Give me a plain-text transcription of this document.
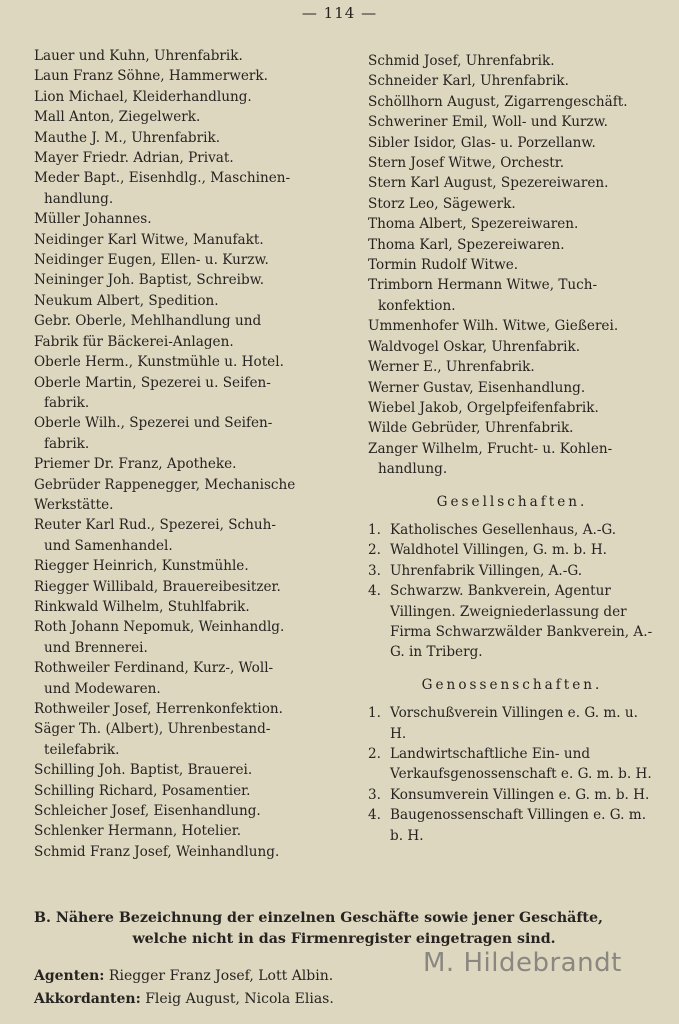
— 114 —
Lauer und Kuhn, Uhrenfabrik.
Laun Franz Söhne, Hammerwerk.
Lion Michael, Kleiderhandlung.
Mall Anton, Ziegelwerk.
Mauthe J. M., Uhrenfabrik.
Mayer Friedr. Adrian, Privat.
Meder Bapt., Eisenhdlg., Maschinen-
handlung.
Müller Johannes.
Neidinger Karl Witwe, Manufakt.
Neidinger Eugen, Ellen- u. Kurzw.
Neininger Joh. Baptist, Schreibw.
Neukum Albert, Spedition.
Gebr. Oberle, Mehlhandlung und
Fabrik für Bäckerei-Anlagen.
Oberle Herm., Kunstmühle u. Hotel.
Oberle Martin, Spezerei u. Seifen-
fabrik.
Oberle Wilh., Spezerei und Seifen-
fabrik.
Priemer Dr. Franz, Apotheke.
Gebrüder Rappenegger, Mechanische
Werkstätte.
Reuter Karl Rud., Spezerei, Schuh-
und Samenhandel.
Riegger Heinrich, Kunstmühle.
Riegger Willibald, Brauereibesitzer.
Rinkwald Wilhelm, Stuhlfabrik.
Roth Johann Nepomuk, Weinhandlg.
und Brennerei.
Rothweiler Ferdinand, Kurz-, Woll-
und Modewaren.
Rothweiler Josef, Herrenkonfektion.
Säger Th. (Albert), Uhrenbestand-
teilefabrik.
Schilling Joh. Baptist, Brauerei.
Schilling Richard, Posamentier.
Schleicher Josef, Eisenhandlung.
Schlenker Hermann, Hotelier.
Schmid Franz Josef, Weinhandlung.
Schmid Josef, Uhrenfabrik.
Schneider Karl, Uhrenfabrik.
Schöllhorn August, Zigarrengeschäft.
Schweriner Emil, Woll- und Kurzw.
Sibler Isidor, Glas- u. Porzellanw.
Stern Josef Witwe, Orchestr.
Stern Karl August, Spezereiwaren.
Storz Leo, Sägewerk.
Thoma Albert, Spezereiwaren.
Thoma Karl, Spezereiwaren.
Tormin Rudolf Witwe.
Trimborn Hermann Witwe, Tuch-
konfektion.
Ummenhofer Wilh. Witwe, Gießerei.
Waldvogel Oskar, Uhrenfabrik.
Werner E., Uhrenfabrik.
Werner Gustav, Eisenhandlung.
Wiebel Jakob, Orgelpfeifenfabrik.
Wilde Gebrüder, Uhrenfabrik.
Zanger Wilhelm, Frucht- u. Kohlen-
handlung.
Gesellschaften.
1. Katholisches Gesellenhaus, A.-G.
2. Waldhotel Villingen, G. m. b. H.
3. Uhrenfabrik Villingen, A.-G.
4. Schwarzw. Bankverein, Agentur Villingen. Zweigniederlassung der Firma Schwarzwälder Bankverein, A.-G. in Triberg.
Genossenschaften.
1. Vorschußverein Villingen e. G. m. u. H.
2. Landwirtschaftliche Ein- und Verkaufsgenossenschaft e. G. m. b. H.
3. Konsumverein Villingen e. G. m. b. H.
4. Baugenossenschaft Villingen e. G. m. b. H.
B. Nähere Bezeichnung der einzelnen Geschäfte sowie jener Geschäfte,
welche nicht in das Firmenregister eingetragen sind.
Agenten: Riegger Franz Josef, Lott Albin.
Akkordanten: Fleig August, Nicola Elias.
M. Hildebrandt
